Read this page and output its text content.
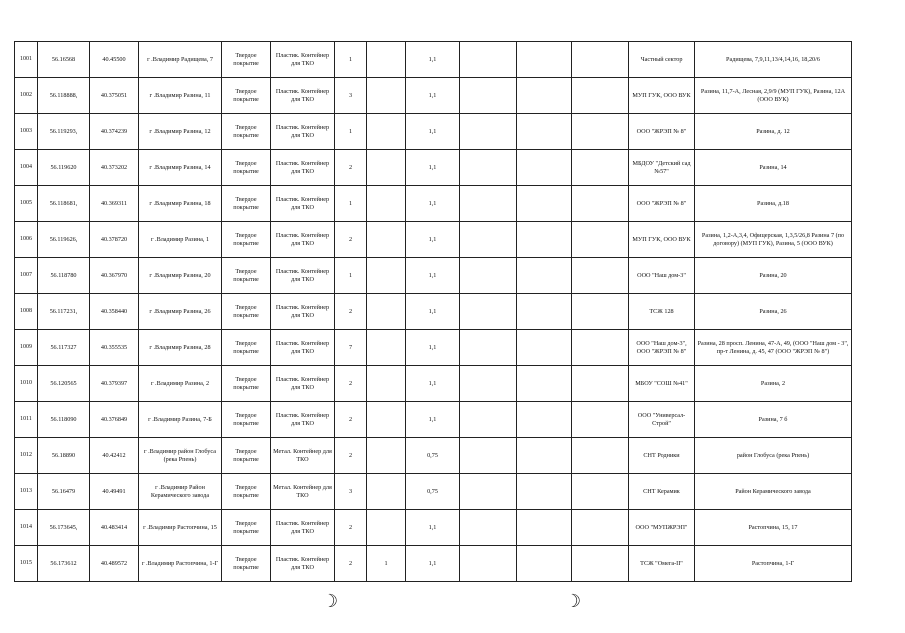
1001	56.16568	40.45500	г .Владимир Радищева, 7	Твердое покрытие	Пластик. Контейнер для ТКО	1		1,1				Частный сектор	Радищева, 7,9,11,13/4,14,16, 18,20/6
1002	56.118888,	40.375051	г .Владимир Разина, 11	Твердое покрытие	Пластик. Контейнер для ТКО	3		1,1				МУП ГУК, ООО ВУК	Разина, 11,7-А, Лесная, 2,9/9 (МУП ГУК), Разина, 12А (ООО ВУК)
1003	56.119293,	40.374239	г .Владимир Разина, 12	Твердое покрытие	Пластик. Контейнер для ТКО	1		1,1				ООО "ЖРЭП № 8"	Разина, д. 12
1004	56.119620	40.373202	г .Владимир Разина, 14	Твердое покрытие	Пластик. Контейнер для ТКО	2		1,1				МБДОУ "Детский сад №57"	Разина, 14
1005	56.118681,	40.369311	г .Владимир Разина, 18	Твердое покрытие	Пластик. Контейнер для ТКО	1		1,1				ООО "ЖРЭП № 8"	Разина, д.18
1006	56.119626,	40.378720	г .Владимир Разина, 1	Твердое покрытие	Пластик. Контейнер для ТКО	2		1,1				МУП ГУК, ООО ВУК	Разина, 1,2-А,3,4, Офицерская, 1,3,5/26,8 Разина 7 (по договору) (МУП ГУК), Разина, 5 (ООО ВУК)
1007	56.118780	40.367970	г .Владимир Разина, 20	Твердое покрытие	Пластик. Контейнер для ТКО	1		1,1				ООО "Наш дом-3"	Разина, 20
1008	56.117231,	40.358440	г .Владимир Разина, 26	Твердое покрытие	Пластик. Контейнер для ТКО	2		1,1				ТСЖ 128	Разина, 26
1009	56.117327	40.355535	г .Владимир Разина, 28	Твердое покрытие	Пластик. Контейнер для ТКО	7		1,1				ООО "Наш дом-3", ООО "ЖРЭП № 8"	Разина, 28 просп. Ленина, 47-А, 49, (ООО "Наш дом - 3", пр-т Ленина, д. 45, 47 (ООО "ЖРЭП № 8")
1010	56.120565	40.379397	г .Владимир Разина, 2	Твердое покрытие	Пластик. Контейнер для ТКО	2		1,1				МБОУ "СОШ №41"	Разина, 2
1011	56.118090	40.376849	г .Владимир Разина, 7-Б	Твердое покрытие	Пластик. Контейнер для ТКО	2		1,1				ООО "Универсал-Строй"	Разина, 7 б
1012	56.18890	40.42412	г .Владимир район Глобуса (река Рпень)	Твердое покрытие	Метал. Контейнер для ТКО	2		0,75				СНТ Родники	район Глобуса (река Рпень)
1013	56.16479	40.49491	г .Владимир Район Керамического завода	Твердое покрытие	Метал. Контейнер для ТКО	3		0,75				СНТ Керамик	Район Керамического завода
1014	56.173645,	40.483414	г .Владимир Растопчина, 15	Твердое покрытие	Пластик. Контейнер для ТКО	2		1,1				ООО "МУПЖРЭП"	Растопчина, 15, 17
1015	56.173612	40.489572	г .Владимир Растопчина, 1-Г	Твердое покрытие	Пластик. Контейнер для ТКО	2	1	1,1				ТСЖ "Омега-II"	Растопчина, 1-Г
☽	☽
